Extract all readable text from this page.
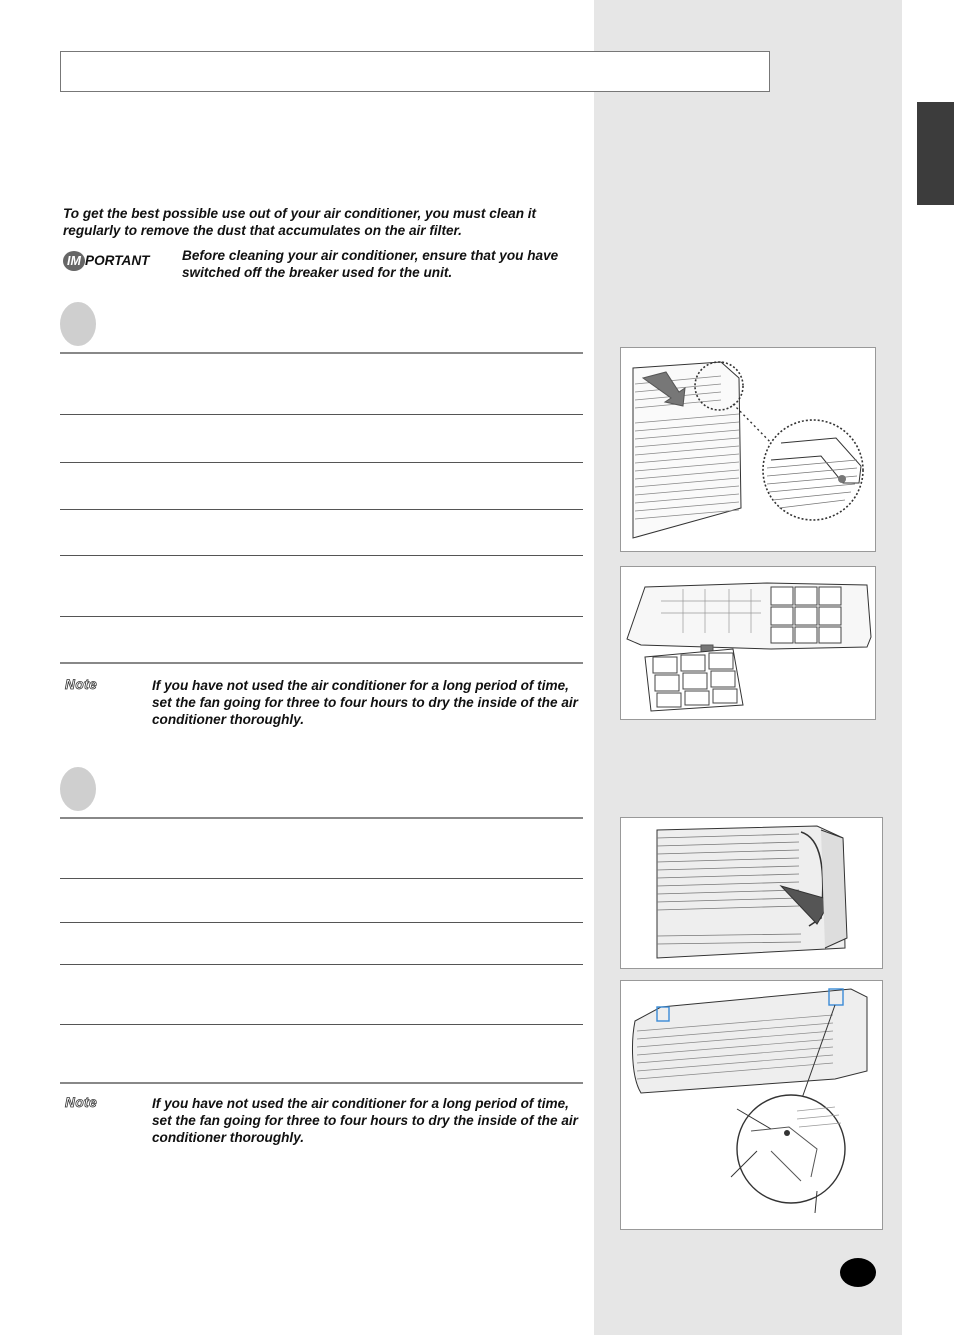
To get the best possible use out of your air conditioner, you must clean it regularly to remove the dust that accumulates on the air filter.
IM PORTANT Before cleaning your air conditioner, ensure that you have switched off the breaker used for the unit.
Note	If you have not used the air conditioner for a long period of time, set the fan going for three to four hours to dry the inside of the air conditioner thoroughly.
Note	If you have not used the air conditioner for a long period of time, set the fan going for three to four hours to dry the inside of the air conditioner thoroughly.
